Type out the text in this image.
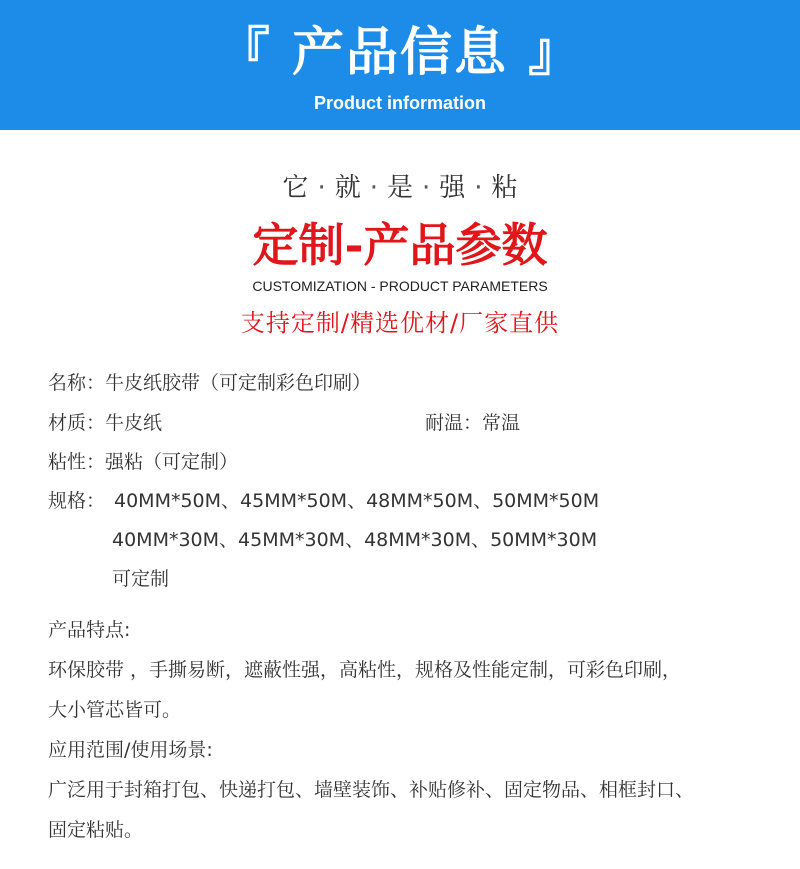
『 产品信息 』
Product information
它 · 就 · 是 · 强 · 粘
定制-产品参数
CUSTOMIZATION - PRODUCT PARAMETERS
支持定制/精选优材/厂家直供
名称：牛皮纸胶带（可定制彩色印刷）
材质：牛皮纸	耐温：常温
粘性：强粘（可定制）
规格： 40MM*50M、45MM*50M、48MM*50M、50MM*50M
40MM*30M、45MM*30M、48MM*30M、50MM*30M
可定制
产品特点:
环保胶带 ，手撕易断，遮蔽性强，高粘性，规格及性能定制，可彩色印刷，
大小管芯皆可。
应用范围/使用场景:
广泛用于封箱打包、快递打包、墙壁装饰、补贴修补、固定物品、相框封口、
固定粘贴。
